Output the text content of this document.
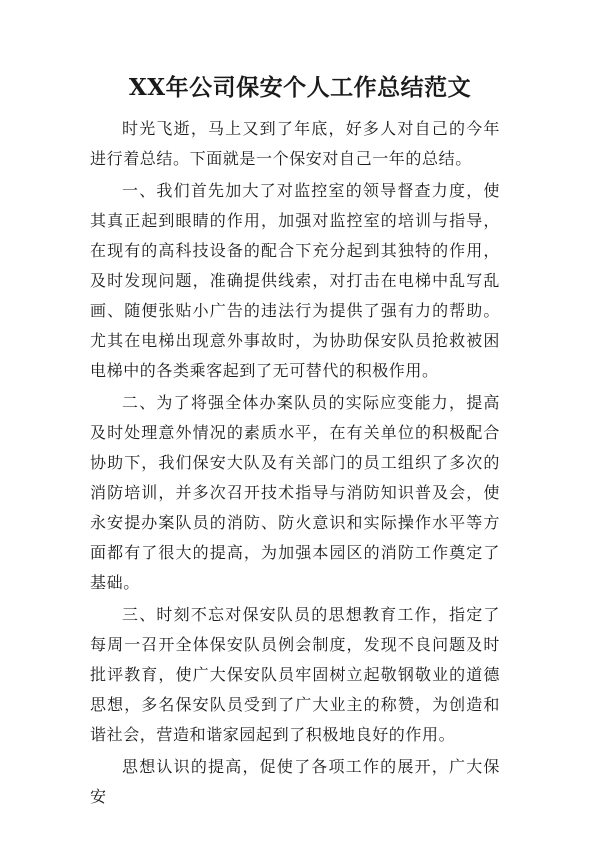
XX年公司保安个人工作总结范文

时光飞逝，马上又到了年底，好多人对自己的今年进行着总结。下面就是一个保安对自己一年的总结。

一、我们首先加大了对监控室的领导督查力度，使其真正起到眼睛的作用，加强对监控室的培训与指导，在现有的高科技设备的配合下充分起到其独特的作用，及时发现问题，准确提供线索，对打击在电梯中乱写乱画、随便张贴小广告的违法行为提供了强有力的帮助。尤其在电梯出现意外事故时，为协助保安队员抢救被困电梯中的各类乘客起到了无可替代的积极作用。

二、为了将强全体办案队员的实际应变能力，提高及时处理意外情况的素质水平，在有关单位的积极配合协助下，我们保安大队及有关部门的员工组织了多次的消防培训，并多次召开技术指导与消防知识普及会，使永安提办案队员的消防、防火意识和实际操作水平等方面都有了很大的提高，为加强本园区的消防工作奠定了基础。

三、时刻不忘对保安队员的思想教育工作，指定了每周一召开全体保安队员例会制度，发现不良问题及时批评教育，使广大保安队员牢固树立起敬钢敬业的道德思想，多名保安队员受到了广大业主的称赞，为创造和谐社会，营造和谐家园起到了积极地良好的作用。

思想认识的提高，促使了各项工作的展开，广大保安
